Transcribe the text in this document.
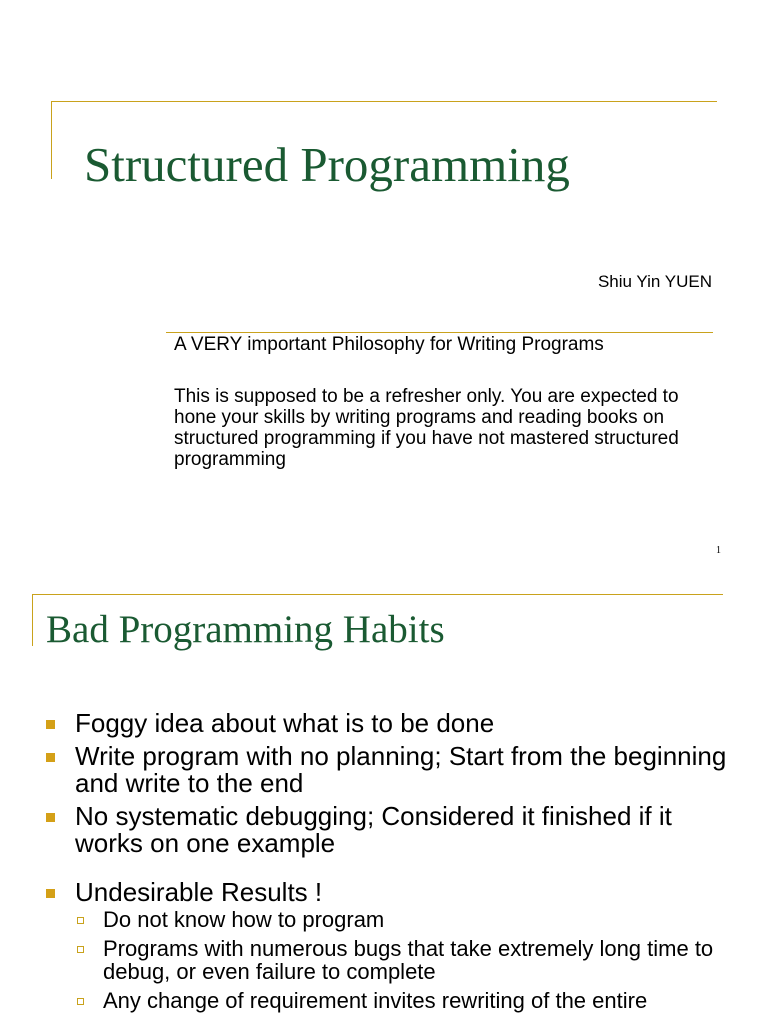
Structured Programming
Shiu Yin YUEN
A VERY important Philosophy for Writing Programs
This is supposed to be a refresher only. You are expected to hone your skills by writing programs and reading books on structured programming if you have not mastered structured programming
1
Bad Programming Habits
Foggy idea about what is to be done
Write program with no planning; Start from the beginning and write to the end
No systematic debugging; Considered it finished if it works on one example
Undesirable Results !
Do not know how to program
Programs with numerous bugs that take extremely long time to debug, or even failure to complete
Any change of requirement invites rewriting of the entire
